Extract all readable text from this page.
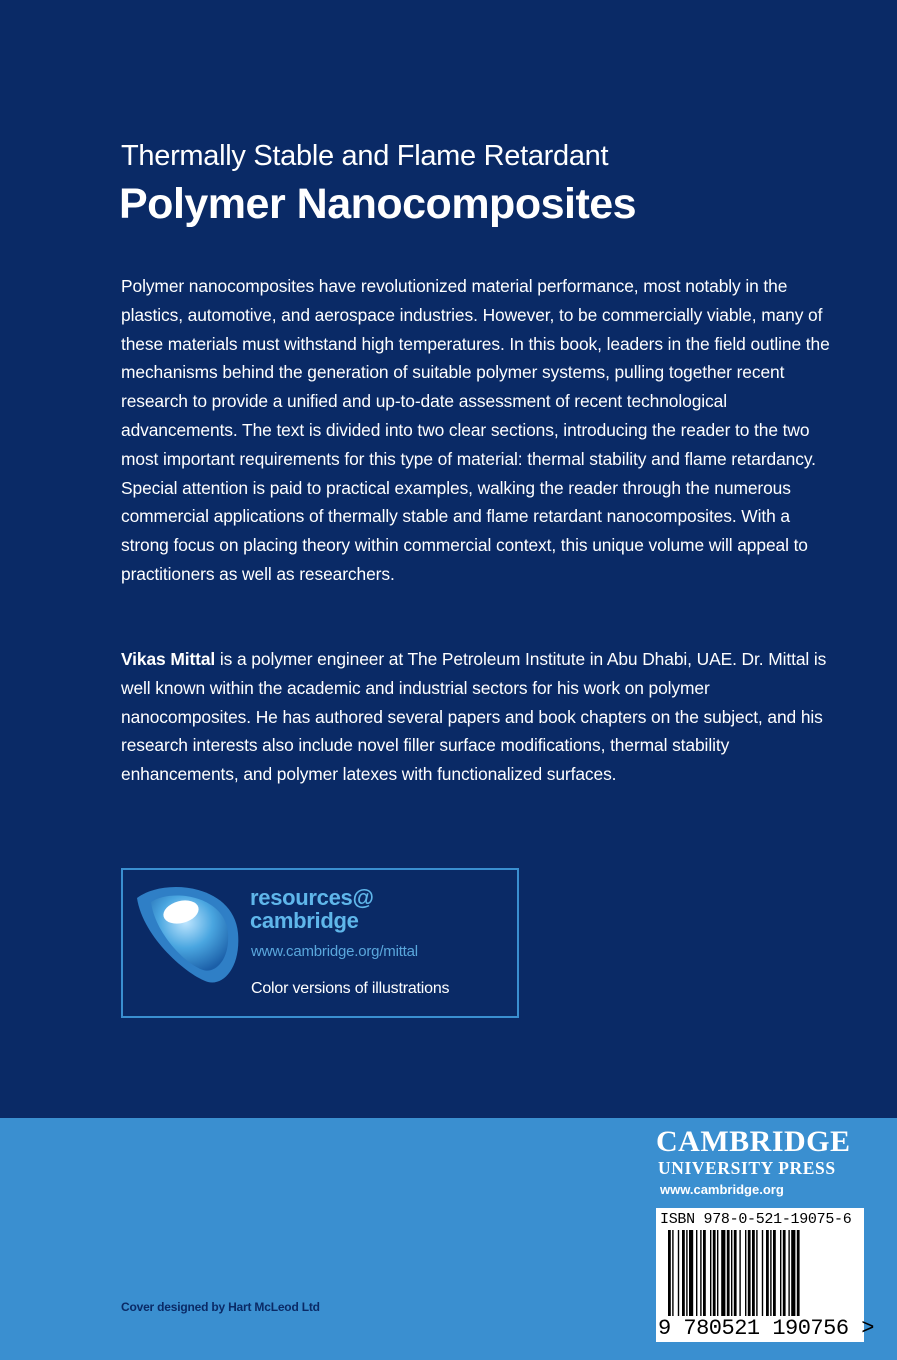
Thermally Stable and Flame Retardant
Polymer Nanocomposites

Polymer nanocomposites have revolutionized material performance, most notably in the plastics, automotive, and aerospace industries. However, to be commercially viable, many of these materials must withstand high temperatures. In this book, leaders in the field outline the mechanisms behind the generation of suitable polymer systems, pulling together recent research to provide a unified and up-to-date assessment of recent technological advancements. The text is divided into two clear sections, introducing the reader to the two most important requirements for this type of material: thermal stability and flame retardancy. Special attention is paid to practical examples, walking the reader through the numerous commercial applications of thermally stable and flame retardant nanocomposites. With a strong focus on placing theory within commercial context, this unique volume will appeal to practitioners as well as researchers.

Vikas Mittal is a polymer engineer at The Petroleum Institute in Abu Dhabi, UAE. Dr. Mittal is well known within the academic and industrial sectors for his work on polymer nanocomposites. He has authored several papers and book chapters on the subject, and his research interests also include novel filler surface modifications, thermal stability enhancements, and polymer latexes with functionalized surfaces.

resources@
cambridge
www.cambridge.org/mittal
Color versions of illustrations
Cover designed by Hart McLeod Ltd
CAMBRIDGE
UNIVERSITY PRESS
www.cambridge.org
ISBN 978-0-521-19075-6
9 780521 190756 >
